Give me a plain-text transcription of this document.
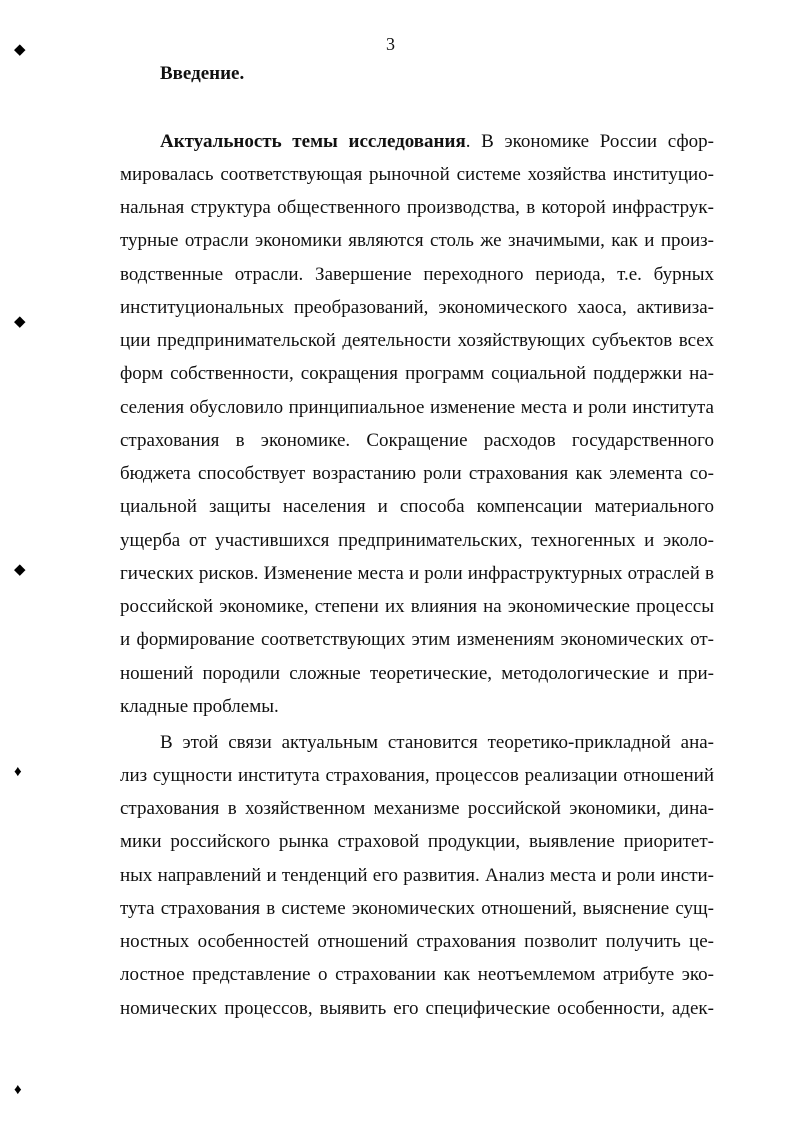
◆
◆
◆
♦
♦
3
Введение.
Актуальность темы исследования. В экономике России сфор-
мировалась соответствующая рыночной системе хозяйства институцио-
нальная структура общественного производства, в которой инфраструк-
турные отрасли экономики являются столь же значимыми, как и произ-
водственные отрасли. Завершение переходного периода, т.е. бурных
институциональных преобразований, экономического хаоса, активиза-
ции предпринимательской деятельности хозяйствующих субъектов всех
форм собственности, сокращения программ социальной поддержки на-
селения обусловило принципиальное изменение места и роли института
страхования в экономике. Сокращение расходов государственного
бюджета способствует возрастанию роли страхования как элемента со-
циальной защиты населения и способа компенсации материального
ущерба от участившихся предпринимательских, техногенных и эколо-
гических рисков. Изменение места и роли инфраструктурных отраслей в
российской экономике, степени их влияния на экономические процессы
и формирование соответствующих этим изменениям экономических от-
ношений породили сложные теоретические, методологические и при-
кладные проблемы.
В этой связи актуальным становится теоретико-прикладной ана-
лиз сущности института страхования, процессов реализации отношений
страхования в хозяйственном механизме российской экономики, дина-
мики российского рынка страховой продукции, выявление приоритет-
ных направлений и тенденций его развития. Анализ места и роли инсти-
тута страхования в системе экономических отношений, выяснение сущ-
ностных особенностей отношений страхования позволит получить це-
лостное представление о страховании как неотъемлемом атрибуте эко-
номических процессов, выявить его специфические особенности, адек-
